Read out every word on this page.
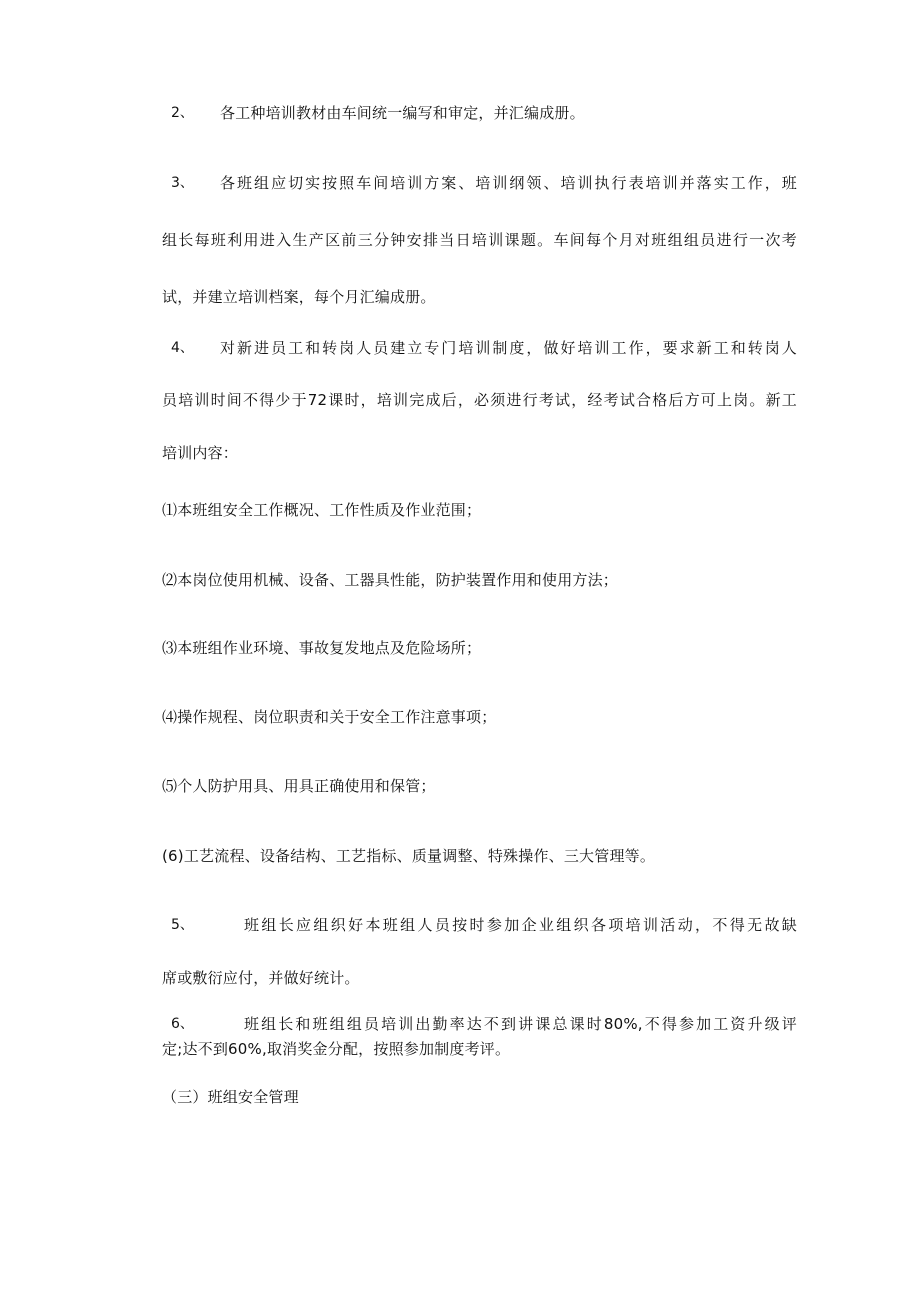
2、 各工种培训教材由车间统一编写和审定，并汇编成册。
3、 各班组应切实按照车间培训方案、培训纲领、培训执行表培训并落实工作，班
组长每班利用进入生产区前三分钟安排当日培训课题。车间每个月对班组组员进行一次考
试，并建立培训档案，每个月汇编成册。
4、 对新进员工和转岗人员建立专门培训制度，做好培训工作，要求新工和转岗人
员培训时间不得少于72课时，培训完成后，必须进行考试，经考试合格后方可上岗。新工
培训内容：
⑴本班组安全工作概况、工作性质及作业范围；
⑵本岗位使用机械、设备、工器具性能，防护装置作用和使用方法；
⑶本班组作业环境、事故复发地点及危险场所；
⑷操作规程、岗位职责和关于安全工作注意事项；
⑸个人防护用具、用具正确使用和保管；
(6)工艺流程、设备结构、工艺指标、质量调整、特殊操作、三大管理等。
5、	班组长应组织好本班组人员按时参加企业组织各项培训活动，不得无故缺
席或敷衍应付，并做好统计。
6、	班组长和班组组员培训出勤率达不到讲课总课时80%,不得参加工资升级评
定;达不到60%,取消奖金分配，按照参加制度考评。
（三）班组安全管理
